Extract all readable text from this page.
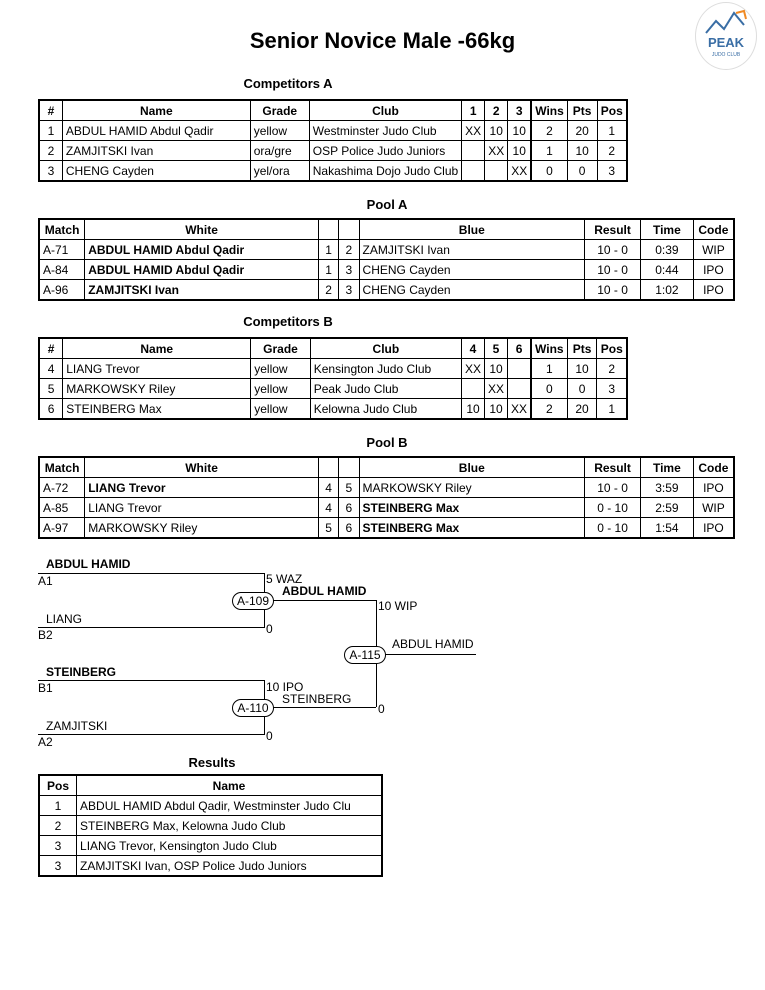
PEAK
JUDO CLUB
Senior Novice Male -66kg
Competitors A
#	Name	Grade	Club	1	2	3	Wins	Pts	Pos
1	ABDUL HAMID Abdul Qadir	yellow	Westminster Judo Club	XX	10	10	2	20	1
2	ZAMJITSKI Ivan	ora/gre	OSP Police Judo Juniors		XX	10	1	10	2
3	CHENG Cayden	yel/ora	Nakashima Dojo Judo Club			XX	0	0	3
Pool A
Match	White			Blue	Result	Time	Code
A-71	ABDUL HAMID Abdul Qadir	1	2	ZAMJITSKI Ivan	10 - 0	0:39	WIP
A-84	ABDUL HAMID Abdul Qadir	1	3	CHENG Cayden	10 - 0	0:44	IPO
A-96	ZAMJITSKI Ivan	2	3	CHENG Cayden	10 - 0	1:02	IPO
Competitors B
#	Name	Grade	Club	4	5	6	Wins	Pts	Pos
4	LIANG Trevor	yellow	Kensington Judo Club	XX	10		1	10	2
5	MARKOWSKY Riley	yellow	Peak Judo Club		XX		0	0	3
6	STEINBERG Max	yellow	Kelowna Judo Club	10	10	XX	2	20	1
Pool B
Match	White			Blue	Result	Time	Code
A-72	LIANG Trevor	4	5	MARKOWSKY Riley	10 - 0	3:59	IPO
A-85	LIANG Trevor	4	6	STEINBERG Max	0 - 10	2:59	WIP
A-97	MARKOWSKY Riley	5	6	STEINBERG Max	0 - 10	1:54	IPO
ABDUL HAMID
A1	5 WAZ
LIANG
B2	0
A-109
ABDUL HAMID
STEINBERG
B1	10 IPO
ZAMJITSKI
A2	0
A-110
STEINBERG
10 WIP
0
A-115
ABDUL HAMID
Results
Pos	Name
1	ABDUL HAMID Abdul Qadir, Westminster Judo Clu
2	STEINBERG Max, Kelowna Judo Club
3	LIANG Trevor, Kensington Judo Club
3	ZAMJITSKI Ivan, OSP Police Judo Juniors
